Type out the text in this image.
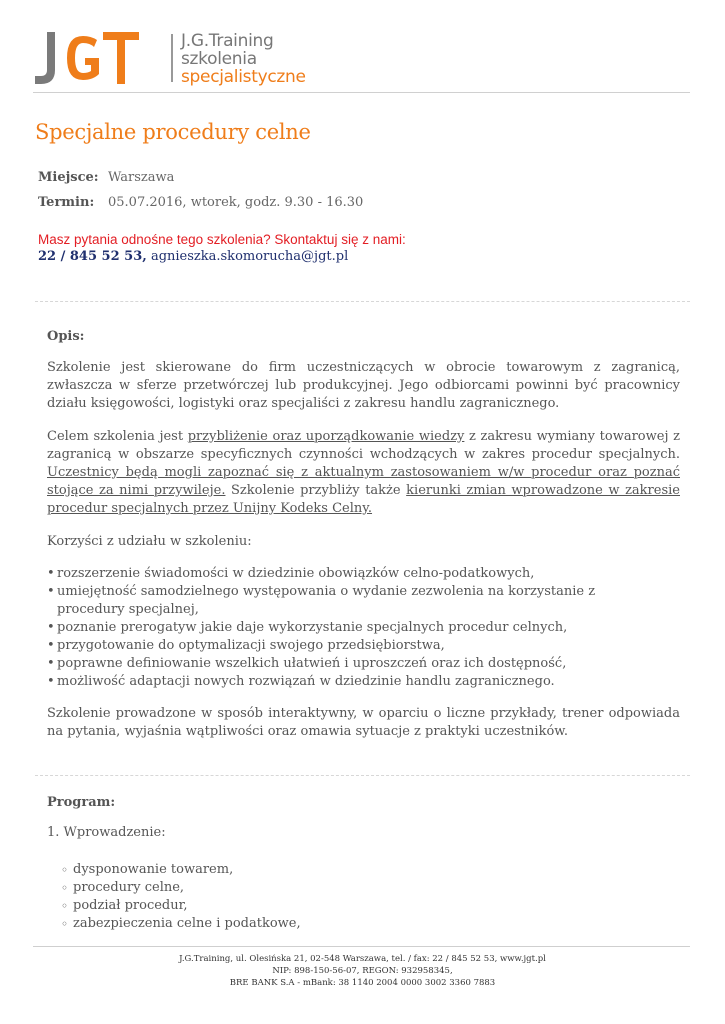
J.G.Training
szkolenia
specjalistyczne
Specjalne procedury celne
Miejsce: Warszawa
Termin: 05.07.2016, wtorek, godz. 9.30 - 16.30
Masz pytania odnośne tego szkolenia? Skontaktuj się z nami:
22 / 845 52 53, agnieszka.skomorucha@jgt.pl
Opis:
Szkolenie jest skierowane do firm uczestniczących w obrocie towarowym z zagranicą, zwłaszcza w sferze przetwórczej lub produkcyjnej. Jego odbiorcami powinni być pracownicy działu księgowości, logistyki oraz specjaliści z zakresu handlu zagranicznego.
Celem szkolenia jest przybliżenie oraz uporządkowanie wiedzy z zakresu wymiany towarowej z zagranicą w obszarze specyficznych czynności wchodzących w zakres procedur specjalnych. Uczestnicy będą mogli zapoznać się z aktualnym zastosowaniem w/w procedur oraz poznać stojące za nimi przywileje. Szkolenie przybliży także kierunki zmian wprowadzone w zakresie procedur specjalnych przez Unijny Kodeks Celny.
Korzyści z udziału w szkoleniu:
• rozszerzenie świadomości w dziedzinie obowiązków celno-podatkowych,
• umiejętność samodzielnego występowania o wydanie zezwolenia na korzystanie z procedury specjalnej,
• poznanie prerogatyw jakie daje wykorzystanie specjalnych procedur celnych,
• przygotowanie do optymalizacji swojego przedsiębiorstwa,
• poprawne definiowanie wszelkich ułatwień i uproszczeń oraz ich dostępność,
• możliwość adaptacji nowych rozwiązań w dziedzinie handlu zagranicznego.
Szkolenie prowadzone w sposób interaktywny, w oparciu o liczne przykłady, trener odpowiada na pytania, wyjaśnia wątpliwości oraz omawia sytuacje z praktyki uczestników.
Program:
1. Wprowadzenie:
◦ dysponowanie towarem,
◦ procedury celne,
◦ podział procedur,
◦ zabezpieczenia celne i podatkowe,
J.G.Training, ul. Olesińska 21, 02-548 Warszawa, tel. / fax: 22 / 845 52 53, www.jgt.pl
NIP: 898-150-56-07, REGON: 932958345,
BRE BANK S.A - mBank: 38 1140 2004 0000 3002 3360 7883
